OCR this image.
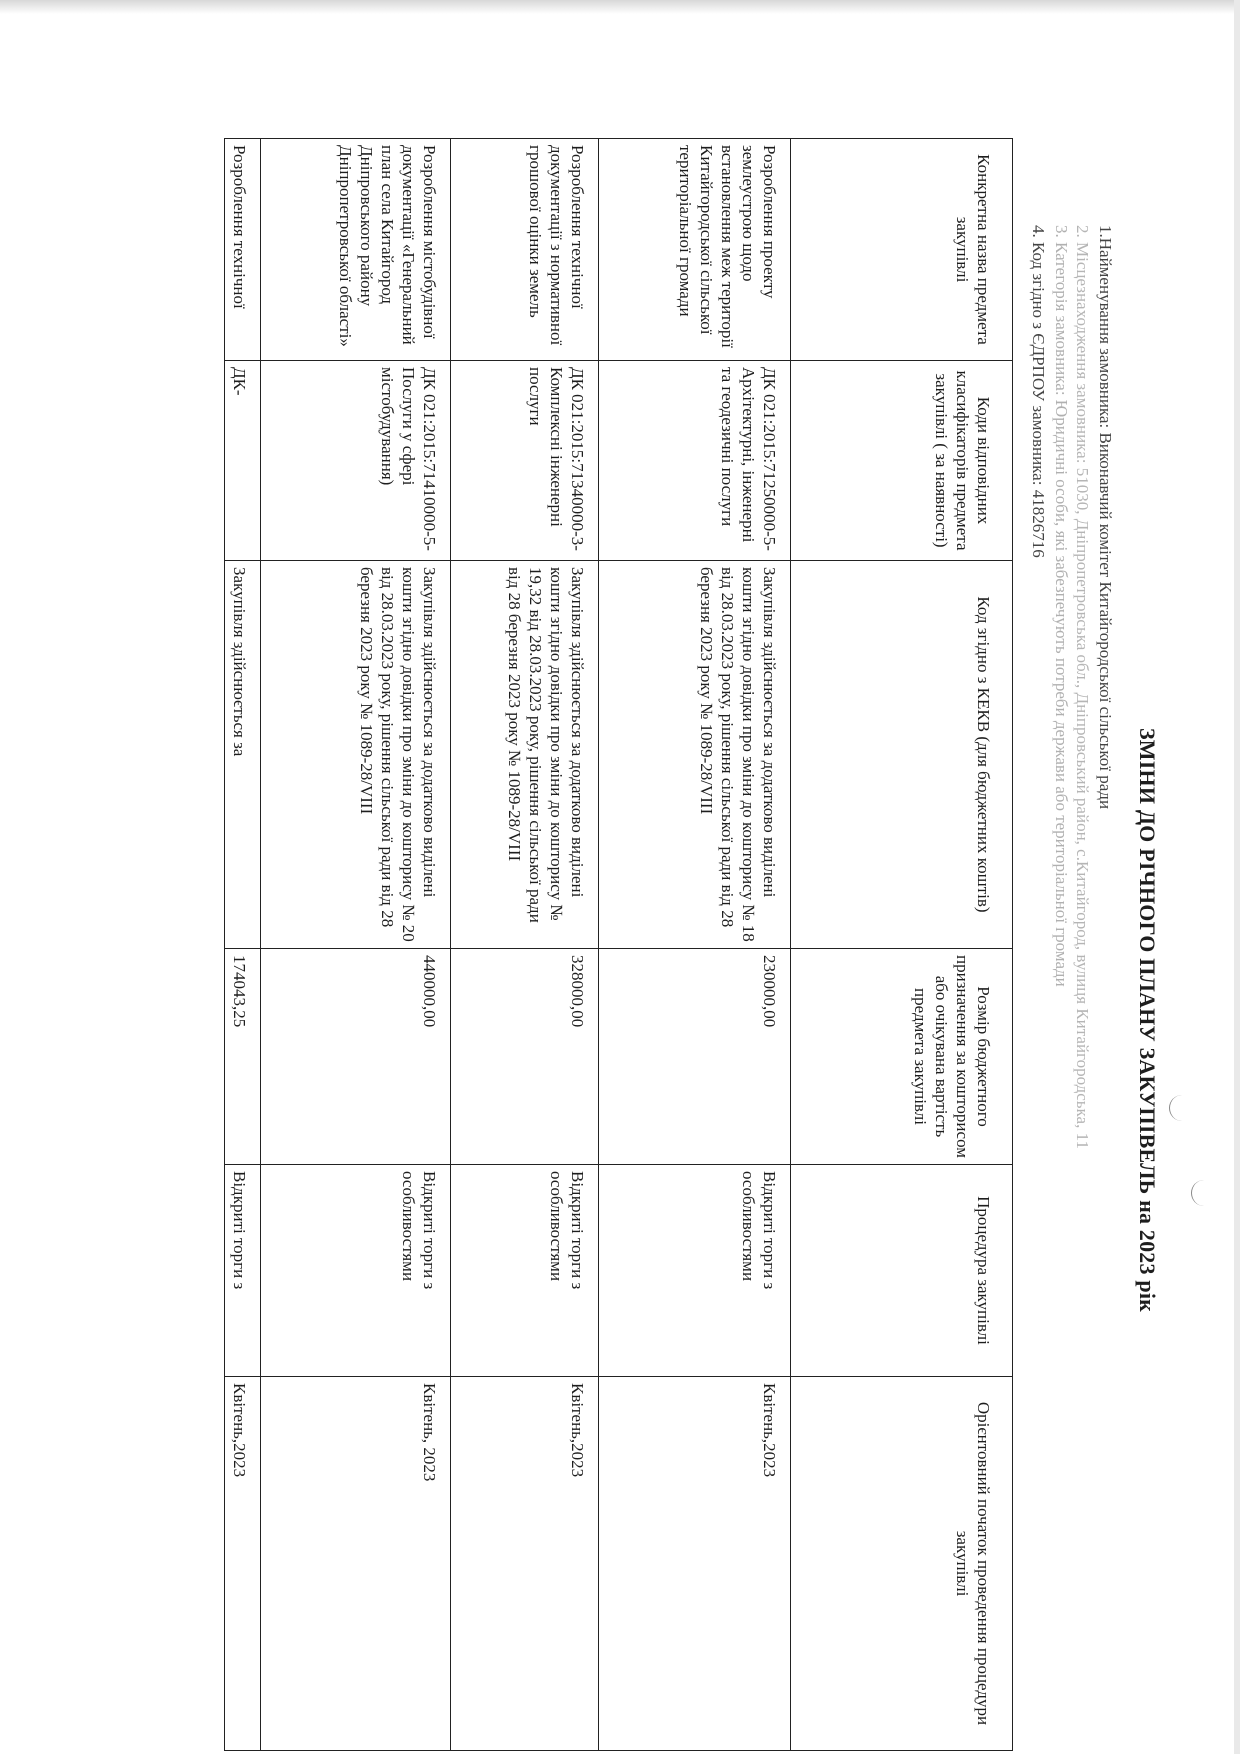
ЗМІНИ ДО РІЧНОГО ПЛАНУ ЗАКУПІВЕЛЬ на 2023 рік
1.Найменування замовника: Виконавчий комітет Китайгородської сільської ради
2. Місцезнаходження замовника: 51030, Дніпропетровська обл., Дніпровський район, с.Китайгород, вулиця Китайгородська, 11
3. Категорія замовника: Юридичні особи, які забезпечують потреби держави або територіальної громади
4. Код згідно з ЄДРПОУ замовника: 41826716
Конкретна назва предмета закупівлі	Коди відповідних класифікаторів предмета закупівлі ( за наявності)	Код згідно з КЕКВ (для бюджетних коштів)	Розмір бюджетного призначення за кошторисом або очікувана вартість предмета закупівлі	Процедура закупівлі	Орієнтовний початок проведення процедури закупівлі
Розроблення проекту землеустрою щодо встановлення меж території Китайгородської сільської територіальної громади	ДК 021:2015:71250000-5-Архітектурні, інженерні та геодезичні послуги	Закупівля здійснюється за додатково виділені кошти згідно довідки про зміни до кошторису № 18 від 28.03.2023 року, рішення сільської ради від 28 березня 2023 року № 1089-28/VIII	230000,00	Відкриті торги з особливостями	Квітень,2023
Розроблення технічної документації з нормативної грошової оцінки земель	ДК 021:2015:71340000-3-Комплексні інженерні послуги	Закупівля здійснюється за додатково виділені кошти згідно довідки про зміни до кошторису № 19,32 від 28.03.2023 року, рішення сільської ради від 28 березня 2023 року № 1089-28/VIII	328000,00	Відкриті торги з особливостями	Квітень,2023
Розроблення містобудівної документації «Генеральний план села Китайгород Дніпровського району Дніпропетровської області»	ДК 021:2015:71410000-5-Послуги у сфері містобудування)	Закупівля здійснюється за додатково виділені кошти згідно довідки про зміни до кошторису № 20 від 28.03.2023 року, рішення сільської ради від 28 березня 2023 року № 1089-28/VIII	440000,00	Відкриті торги з особливостями	Квітень, 2023
Розроблення технічної	ДК-	Закупівля здійснюється за	174043,25	Відкриті торги з	Квітень,2023
